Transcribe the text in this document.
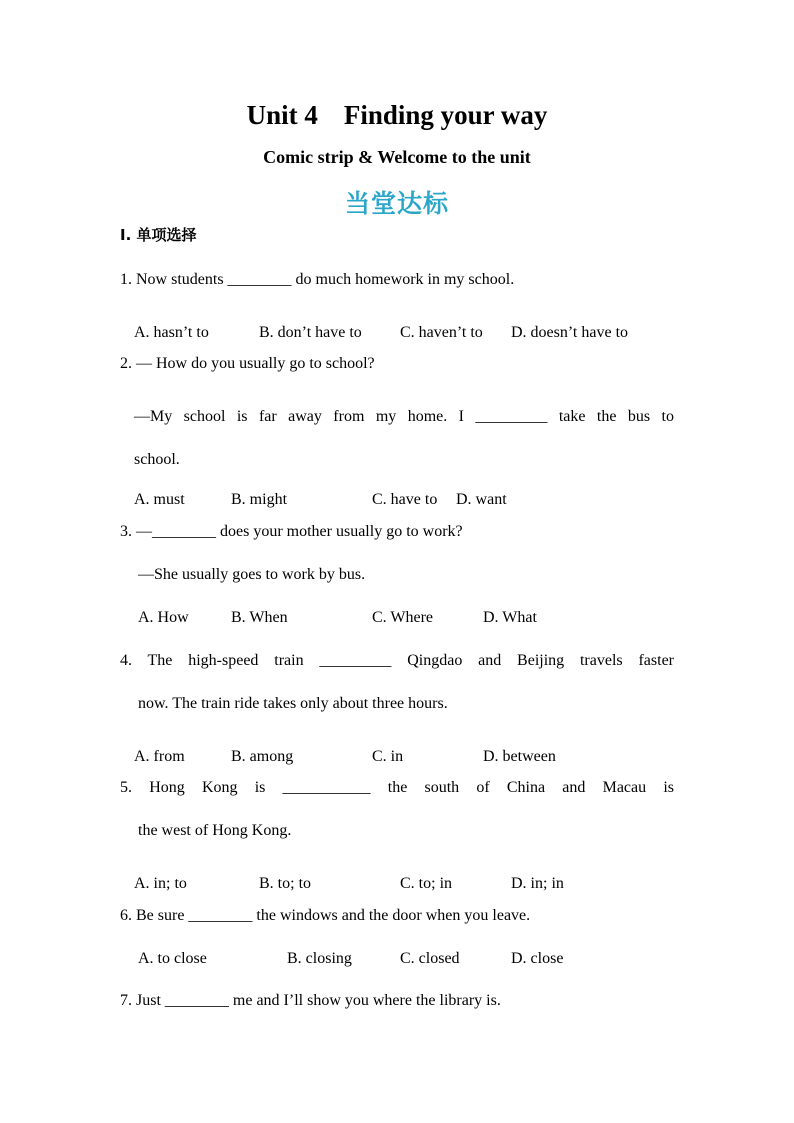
Unit 4 Finding your way
Comic strip & Welcome to the unit
当堂达标
Ⅰ. 单项选择
1. Now students ________ do much homework in my school.
A. hasn’t to	B. don’t have to C. haven’t to D. doesn’t have to
2. — How do you usually go to school?
—My school is far away from my home. I _________ take the bus to
school.
A. must	B. might	C. have to D. want
3. —________ does your mother usually go to work?
—She usually goes to work by bus.
A. How	B. When	C. Where	D. What
4. The high-speed train _________ Qingdao and Beijing travels faster
now. The train ride takes only about three hours.
A. from	B. among	C. in	D. between
5. Hong Kong is ___________ the south of China and Macau is
the west of Hong Kong.
A. in; to	B. to; to	C. to; in	D. in; in
6. Be sure ________ the windows and the door when you leave.
A. to close	B. closing	C. closed	D. close
7. Just ________ me and I’ll show you where the library is.
